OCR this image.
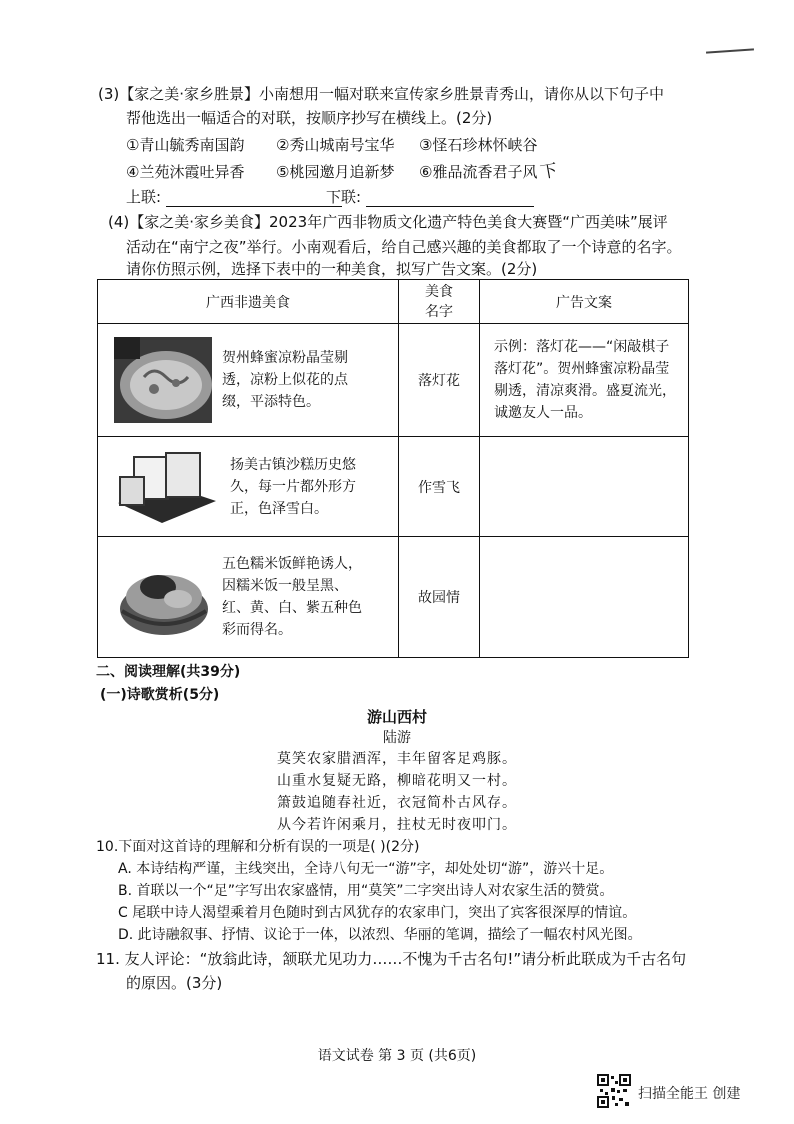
(3)【家之美·家乡胜景】小南想用一幅对联来宣传家乡胜景青秀山，请你从以下句子中
帮他选出一幅适合的对联，按顺序抄写在横线上。(2分)
①青山毓秀南国韵 ②秀山城南号宝华 ③怪石珍林怀峡谷
④兰苑沐霞吐异香 ⑤桃园邀月追新梦 ⑥雅品流香君子风 下
上联:	下联:
(4)【家之美·家乡美食】2023年广西非物质文化遗产特色美食大赛暨“广西美味”展评
活动在“南宁之夜”举行。小南观看后，给自己感兴趣的美食都取了一个诗意的名字。
请你仿照示例，选择下表中的一种美食，拟写广告文案。(2分)
广西非遗美食	美食名字	广告文案

贺州蜂蜜凉粉晶莹剔透，凉粉上似花的点缀，平添特色。	落灯花	示例：落灯花——“闲敲棋子落灯花”。贺州蜂蜜凉粉晶莹剔透，清凉爽滑。盛夏流光，诚邀友人一品。

扬美古镇沙糕历史悠久，每一片都外形方正，色泽雪白。	作雪飞	

五色糯米饭鲜艳诱人，因糯米饭一般呈黑、红、黄、白、紫五种色彩而得名。	故园情	
二、阅读理解(共39分)
(一)诗歌赏析(5分)
游山西村
陆游
莫笑农家腊酒浑，丰年留客足鸡豚。
山重水复疑无路，柳暗花明又一村。
箫鼓追随春社近，衣冠简朴古风存。
从今若许闲乘月，拄杖无时夜叩门。
10.下面对这首诗的理解和分析有误的一项是( )(2分)
A. 本诗结构严谨，主线突出，全诗八句无一“游”字，却处处切“游”，游兴十足。
B. 首联以一个“足”字写出农家盛情，用“莫笑”二字突出诗人对农家生活的赞赏。
C 尾联中诗人渴望乘着月色随时到古风犹存的农家串门，突出了宾客很深厚的情谊。
D. 此诗融叙事、抒情、议论于一体，以浓烈、华丽的笔调，描绘了一幅农村风光图。
11. 友人评论：“放翁此诗，颔联尤见功力……不愧为千古名句!”请分析此联成为千古名句
的原因。(3分)
语文试卷 第 3 页 (共6页)
扫描全能王 创建
